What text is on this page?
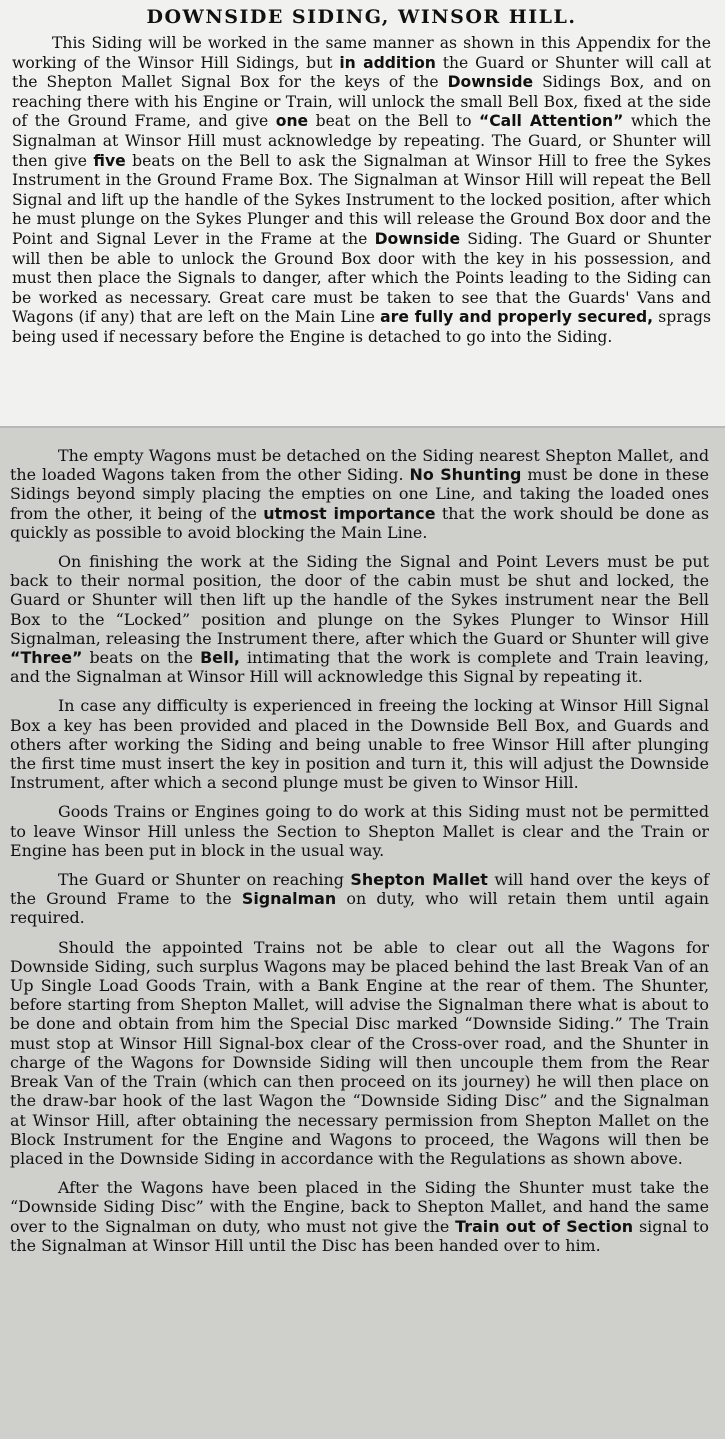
DOWNSIDE SIDING, WINSOR HILL.

This Siding will be worked in the same manner as shown in this Appendix for the working of the Winsor Hill Sidings, but in addition the Guard or Shunter will call at the Shepton Mallet Signal Box for the keys of the Downside Sidings Box, and on reaching there with his Engine or Train, will unlock the small Bell Box, fixed at the side of the Ground Frame, and give one beat on the Bell to “Call Attention” which the Signalman at Winsor Hill must acknowledge by repeating. The Guard, or Shunter will then give five beats on the Bell to ask the Signalman at Winsor Hill to free the Sykes Instrument in the Ground Frame Box. The Signalman at Winsor Hill will repeat the Bell Signal and lift up the handle of the Sykes Instrument to the locked position, after which he must plunge on the Sykes Plunger and this will release the Ground Box door and the Point and Signal Lever in the Frame at the Downside Siding. The Guard or Shunter will then be able to unlock the Ground Box door with the key in his possession, and must then place the Signals to danger, after which the Points leading to the Siding can be worked as necessary. Great care must be taken to see that the Guards' Vans and Wagons (if any) that are left on the Main Line are fully and properly secured, sprags being used if necessary before the Engine is detached to go into the Siding.

The empty Wagons must be detached on the Siding nearest Shepton Mallet, and the loaded Wagons taken from the other Siding. No Shunting must be done in these Sidings beyond simply placing the empties on one Line, and taking the loaded ones from the other, it being of the utmost importance that the work should be done as quickly as possible to avoid blocking the Main Line.

On finishing the work at the Siding the Signal and Point Levers must be put back to their normal position, the door of the cabin must be shut and locked, the Guard or Shunter will then lift up the handle of the Sykes instrument near the Bell Box to the “Locked” position and plunge on the Sykes Plunger to Winsor Hill Signalman, releasing the Instrument there, after which the Guard or Shunter will give “Three” beats on the Bell, intimating that the work is complete and Train leaving, and the Signalman at Winsor Hill will acknowledge this Signal by repeating it.

In case any difficulty is experienced in freeing the locking at Winsor Hill Signal Box a key has been provided and placed in the Downside Bell Box, and Guards and others after working the Siding and being unable to free Winsor Hill after plunging the first time must insert the key in position and turn it, this will adjust the Downside Instrument, after which a second plunge must be given to Winsor Hill.

Goods Trains or Engines going to do work at this Siding must not be permitted to leave Winsor Hill unless the Section to Shepton Mallet is clear and the Train or Engine has been put in block in the usual way.

The Guard or Shunter on reaching Shepton Mallet will hand over the keys of the Ground Frame to the Signalman on duty, who will retain them until again required.

Should the appointed Trains not be able to clear out all the Wagons for Downside Siding, such surplus Wagons may be placed behind the last Break Van of an Up Single Load Goods Train, with a Bank Engine at the rear of them. The Shunter, before starting from Shepton Mallet, will advise the Signalman there what is about to be done and obtain from him the Special Disc marked “Downside Siding.” The Train must stop at Winsor Hill Signal-box clear of the Cross-over road, and the Shunter in charge of the Wagons for Downside Siding will then uncouple them from the Rear Break Van of the Train (which can then proceed on its journey) he will then place on the draw-bar hook of the last Wagon the “Downside Siding Disc” and the Signalman at Winsor Hill, after obtaining the necessary permission from Shepton Mallet on the Block Instrument for the Engine and Wagons to proceed, the Wagons will then be placed in the Downside Siding in accordance with the Regulations as shown above.

After the Wagons have been placed in the Siding the Shunter must take the “Downside Siding Disc” with the Engine, back to Shepton Mallet, and hand the same over to the Signalman on duty, who must not give the Train out of Section signal to the Signalman at Winsor Hill until the Disc has been handed over to him.
